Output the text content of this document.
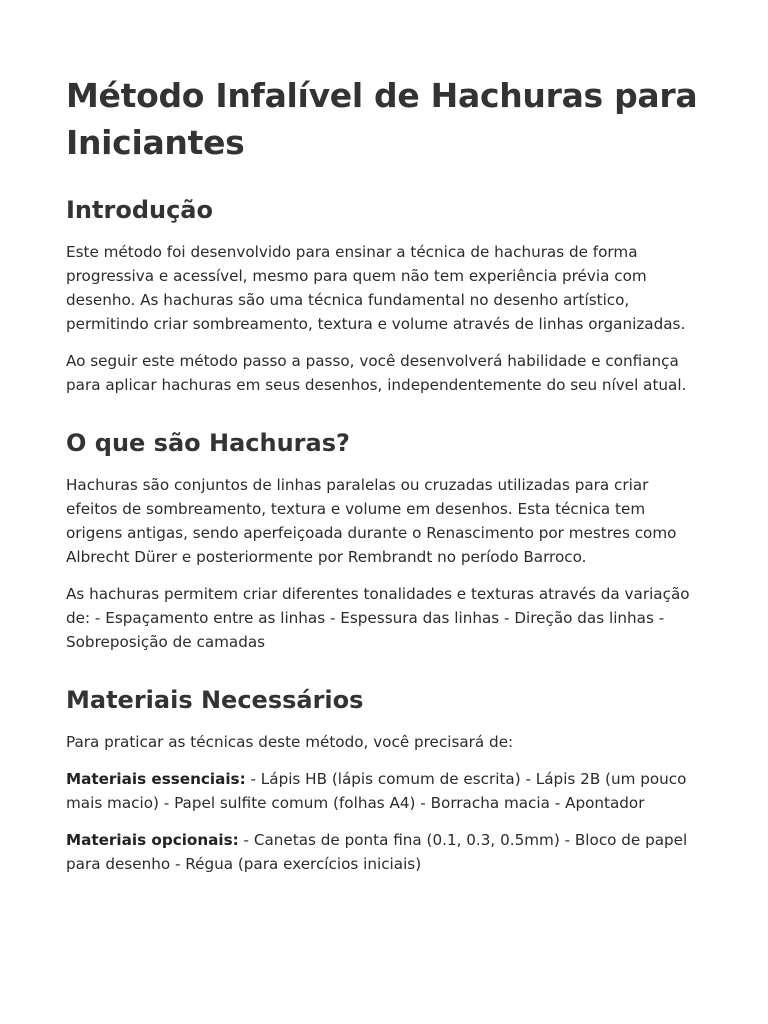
Método Infalível de Hachuras para Iniciantes
Introdução

Este método foi desenvolvido para ensinar a técnica de hachuras de forma progressiva e acessível, mesmo para quem não tem experiência prévia com desenho. As hachuras são uma técnica fundamental no desenho artístico, permitindo criar sombreamento, textura e volume através de linhas organizadas.

Ao seguir este método passo a passo, você desenvolverá habilidade e confiança para aplicar hachuras em seus desenhos, independentemente do seu nível atual.

O que são Hachuras?

Hachuras são conjuntos de linhas paralelas ou cruzadas utilizadas para criar efeitos de sombreamento, textura e volume em desenhos. Esta técnica tem origens antigas, sendo aperfeiçoada durante o Renascimento por mestres como Albrecht Dürer e posteriormente por Rembrandt no período Barroco.

As hachuras permitem criar diferentes tonalidades e texturas através da variação de: - Espaçamento entre as linhas - Espessura das linhas - Direção das linhas - Sobreposição de camadas

Materiais Necessários

Para praticar as técnicas deste método, você precisará de:

Materiais essenciais: - Lápis HB (lápis comum de escrita) - Lápis 2B (um pouco mais macio) - Papel sulfite comum (folhas A4) - Borracha macia - Apontador

Materiais opcionais: - Canetas de ponta fina (0.1, 0.3, 0.5mm) - Bloco de papel para desenho - Régua (para exercícios iniciais)
